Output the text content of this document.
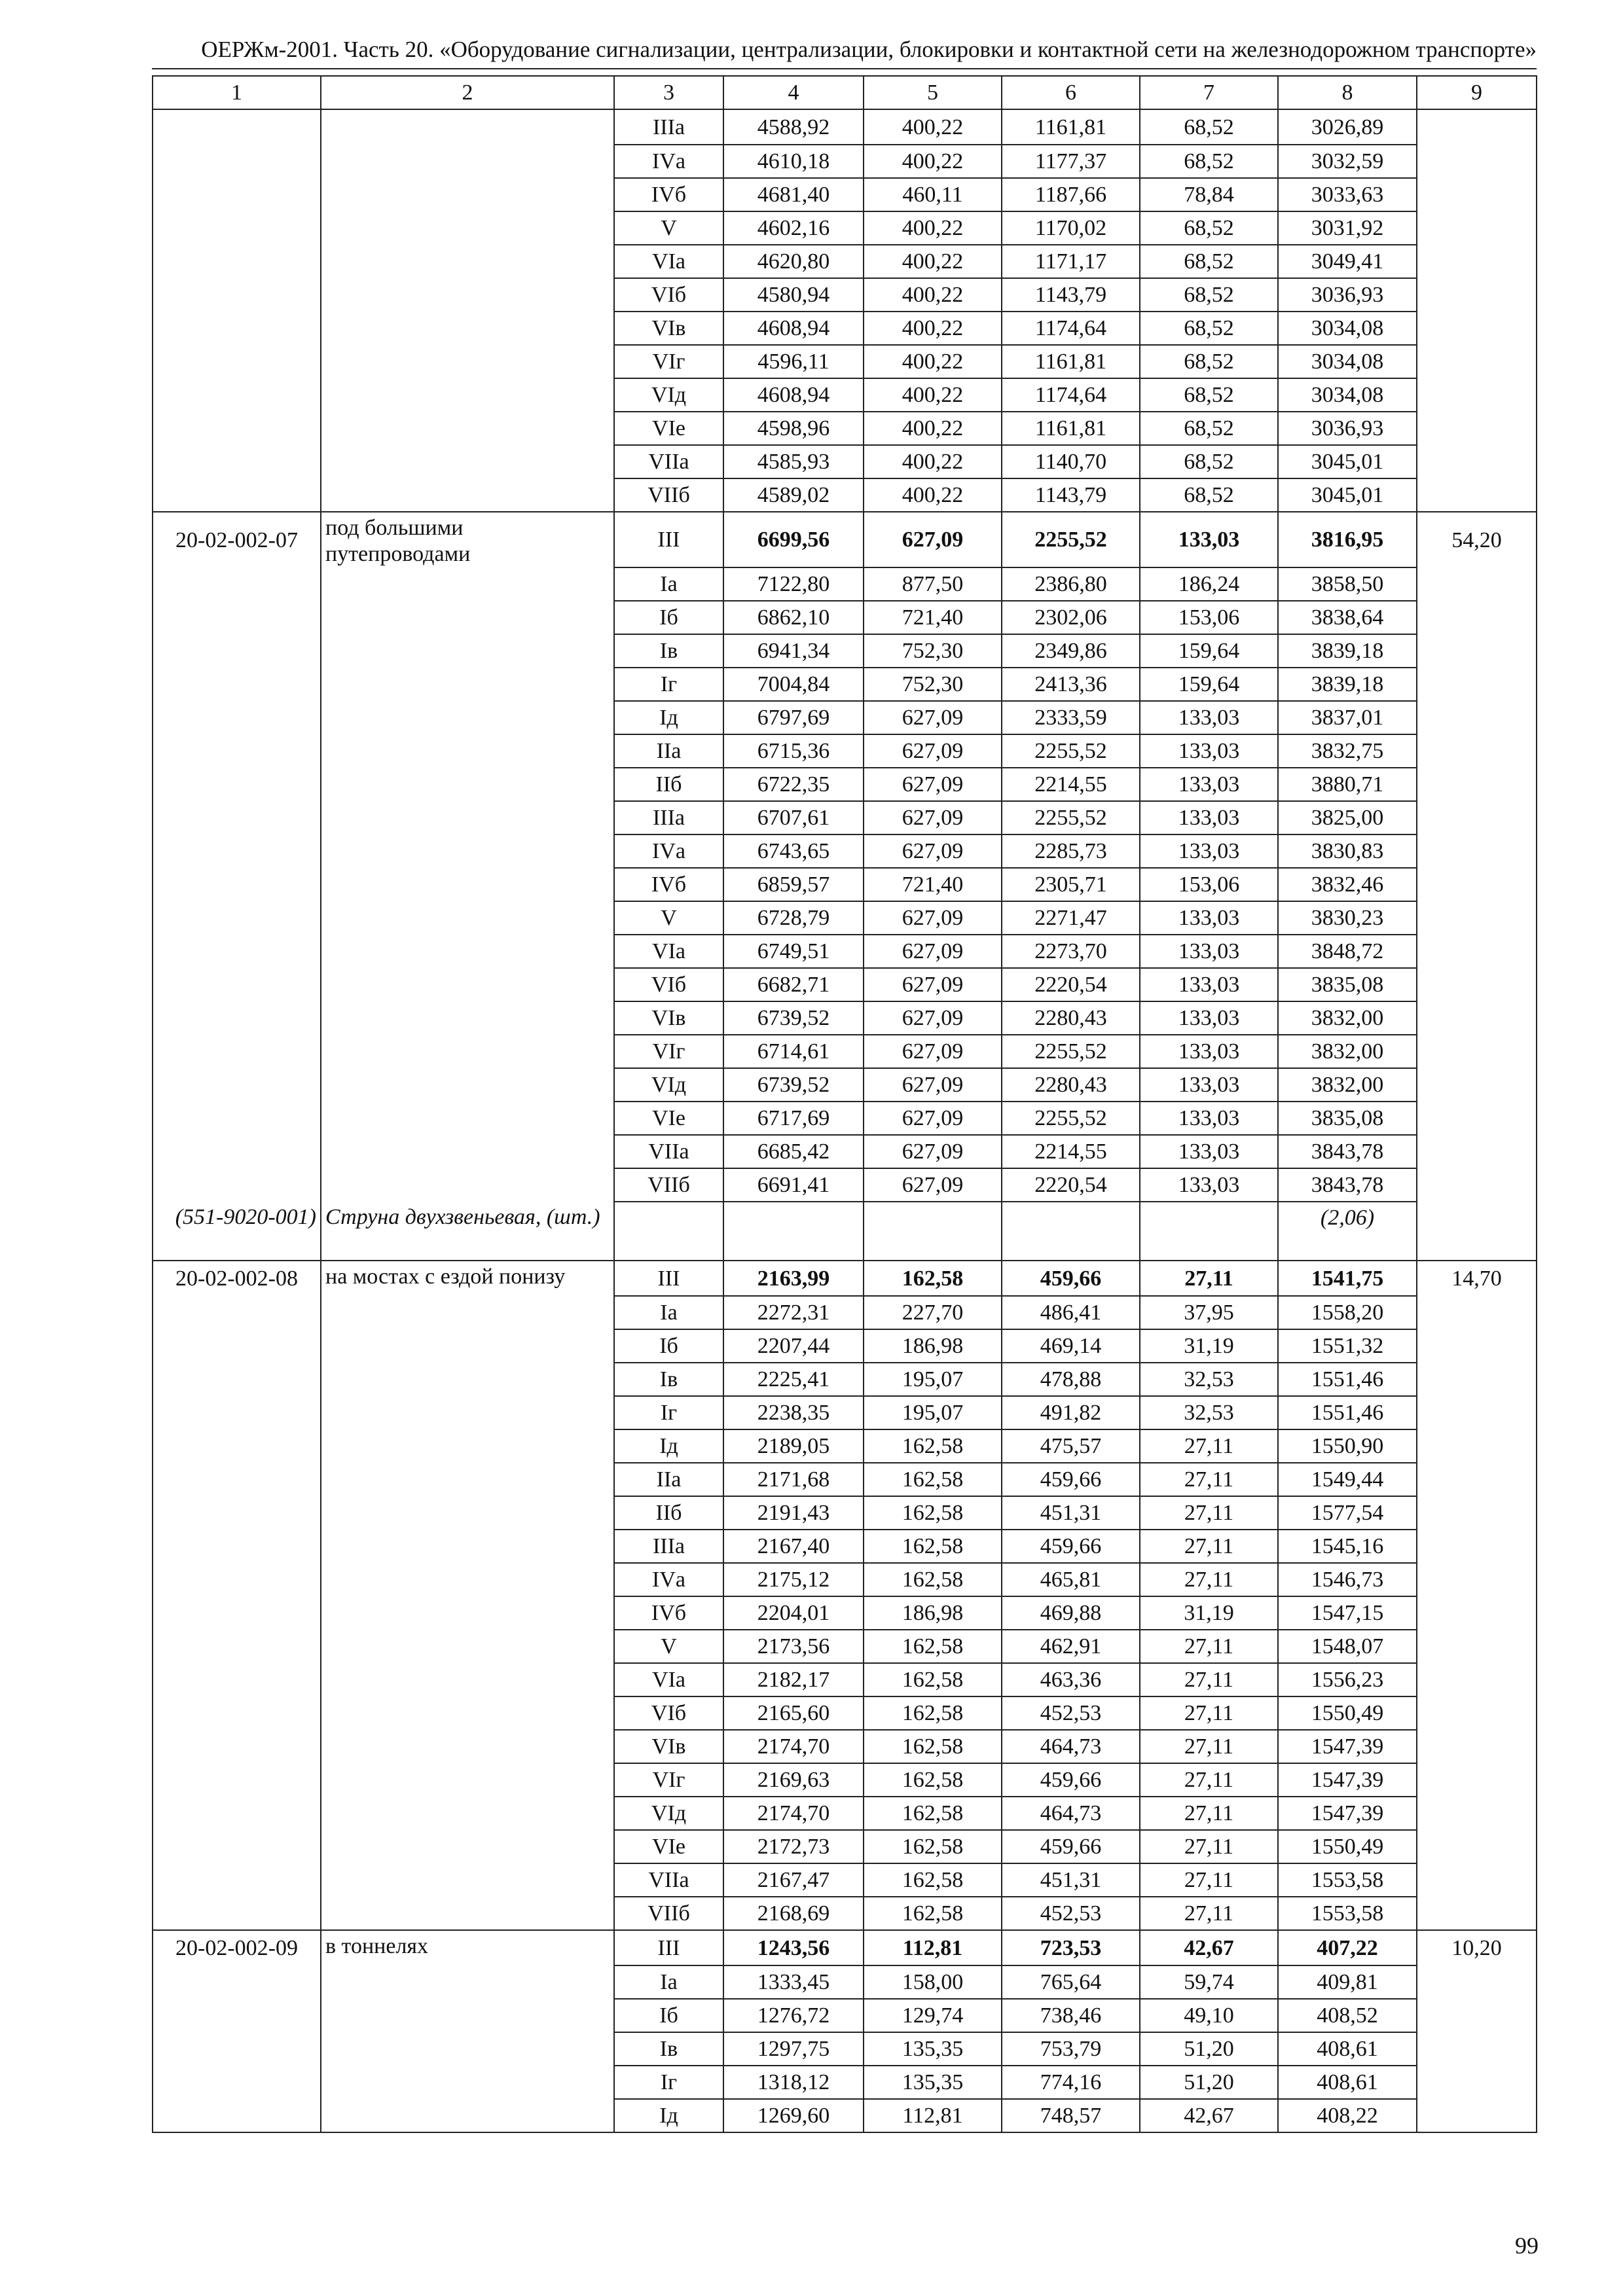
ОЕРЖм-2001. Часть 20. «Оборудование сигнализации, централизации, блокировки и контактной сети на железнодорожном транспорте»
1	2	3	4	5	6	7	8	9
		IIIа	4588,92	400,22	1161,81	68,52	3026,89	
		IVа	4610,18	400,22	1177,37	68,52	3032,59	
		IVб	4681,40	460,11	1187,66	78,84	3033,63	
		V	4602,16	400,22	1170,02	68,52	3031,92	
		VIа	4620,80	400,22	1171,17	68,52	3049,41	
		VIб	4580,94	400,22	1143,79	68,52	3036,93	
		VIв	4608,94	400,22	1174,64	68,52	3034,08	
		VIг	4596,11	400,22	1161,81	68,52	3034,08	
		VIд	4608,94	400,22	1174,64	68,52	3034,08	
		VIе	4598,96	400,22	1161,81	68,52	3036,93	
		VIIа	4585,93	400,22	1140,70	68,52	3045,01	
		VIIб	4589,02	400,22	1143,79	68,52	3045,01	
20-02-002-07	под большими путепроводами	III	6699,56	627,09	2255,52	133,03	3816,95	54,20
		Iа	7122,80	877,50	2386,80	186,24	3858,50	
		Iб	6862,10	721,40	2302,06	153,06	3838,64	
		Iв	6941,34	752,30	2349,86	159,64	3839,18	
		Iг	7004,84	752,30	2413,36	159,64	3839,18	
		Iд	6797,69	627,09	2333,59	133,03	3837,01	
		IIа	6715,36	627,09	2255,52	133,03	3832,75	
		IIб	6722,35	627,09	2214,55	133,03	3880,71	
		IIIа	6707,61	627,09	2255,52	133,03	3825,00	
		IVа	6743,65	627,09	2285,73	133,03	3830,83	
		IVб	6859,57	721,40	2305,71	153,06	3832,46	
		V	6728,79	627,09	2271,47	133,03	3830,23	
		VIа	6749,51	627,09	2273,70	133,03	3848,72	
		VIб	6682,71	627,09	2220,54	133,03	3835,08	
		VIв	6739,52	627,09	2280,43	133,03	3832,00	
		VIг	6714,61	627,09	2255,52	133,03	3832,00	
		VIд	6739,52	627,09	2280,43	133,03	3832,00	
		VIе	6717,69	627,09	2255,52	133,03	3835,08	
		VIIа	6685,42	627,09	2214,55	133,03	3843,78	
		VIIб	6691,41	627,09	2220,54	133,03	3843,78	
(551-9020-001)	Струна двухзвеньевая, (шт.)						(2,06)	
20-02-002-08	на мостах с ездой понизу	III	2163,99	162,58	459,66	27,11	1541,75	14,70
		Iа	2272,31	227,70	486,41	37,95	1558,20	
		Iб	2207,44	186,98	469,14	31,19	1551,32	
		Iв	2225,41	195,07	478,88	32,53	1551,46	
		Iг	2238,35	195,07	491,82	32,53	1551,46	
		Iд	2189,05	162,58	475,57	27,11	1550,90	
		IIа	2171,68	162,58	459,66	27,11	1549,44	
		IIб	2191,43	162,58	451,31	27,11	1577,54	
		IIIа	2167,40	162,58	459,66	27,11	1545,16	
		IVа	2175,12	162,58	465,81	27,11	1546,73	
		IVб	2204,01	186,98	469,88	31,19	1547,15	
		V	2173,56	162,58	462,91	27,11	1548,07	
		VIа	2182,17	162,58	463,36	27,11	1556,23	
		VIб	2165,60	162,58	452,53	27,11	1550,49	
		VIв	2174,70	162,58	464,73	27,11	1547,39	
		VIг	2169,63	162,58	459,66	27,11	1547,39	
		VIд	2174,70	162,58	464,73	27,11	1547,39	
		VIе	2172,73	162,58	459,66	27,11	1550,49	
		VIIа	2167,47	162,58	451,31	27,11	1553,58	
		VIIб	2168,69	162,58	452,53	27,11	1553,58	
20-02-002-09	в тоннелях	III	1243,56	112,81	723,53	42,67	407,22	10,20
		Iа	1333,45	158,00	765,64	59,74	409,81	
		Iб	1276,72	129,74	738,46	49,10	408,52	
		Iв	1297,75	135,35	753,79	51,20	408,61	
		Iг	1318,12	135,35	774,16	51,20	408,61	
		Iд	1269,60	112,81	748,57	42,67	408,22	
99
